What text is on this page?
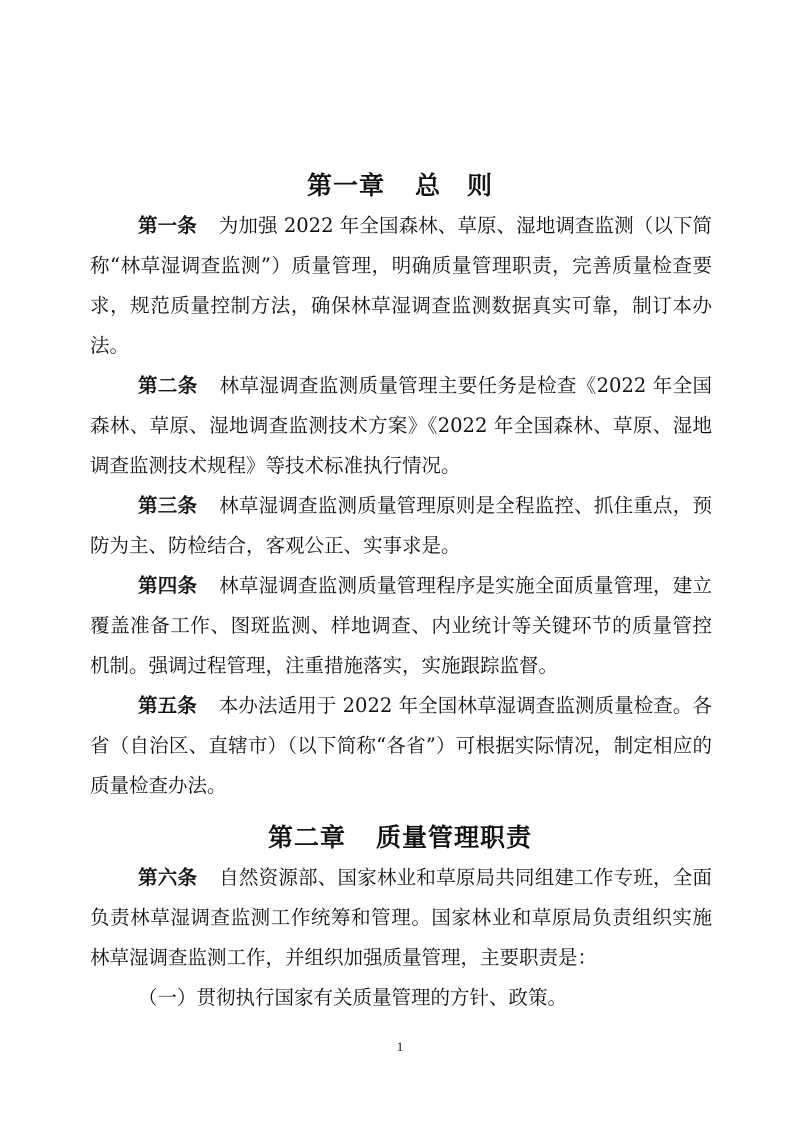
第一章 总　则

第一条 为加强 2022 年全国森林、草原、湿地调查监测（以下简称“林草湿调查监测”）质量管理，明确质量管理职责，完善质量检查要求，规范质量控制方法，确保林草湿调查监测数据真实可靠，制订本办法。

第二条 林草湿调查监测质量管理主要任务是检查《2022 年全国森林、草原、湿地调查监测技术方案》《2022 年全国森林、草原、湿地调查监测技术规程》等技术标准执行情况。

第三条 林草湿调查监测质量管理原则是全程监控、抓住重点，预防为主、防检结合，客观公正、实事求是。

第四条 林草湿调查监测质量管理程序是实施全面质量管理，建立覆盖准备工作、图斑监测、样地调查、内业统计等关键环节的质量管控机制。强调过程管理，注重措施落实，实施跟踪监督。

第五条 本办法适用于 2022 年全国林草湿调查监测质量检查。各省（自治区、直辖市）（以下简称“各省”）可根据实际情况，制定相应的质量检查办法。

第二章 质量管理职责

第六条 自然资源部、国家林业和草原局共同组建工作专班，全面负责林草湿调查监测工作统筹和管理。国家林业和草原局负责组织实施林草湿调查监测工作，并组织加强质量管理，主要职责是：

（一）贯彻执行国家有关质量管理的方针、政策。

1
